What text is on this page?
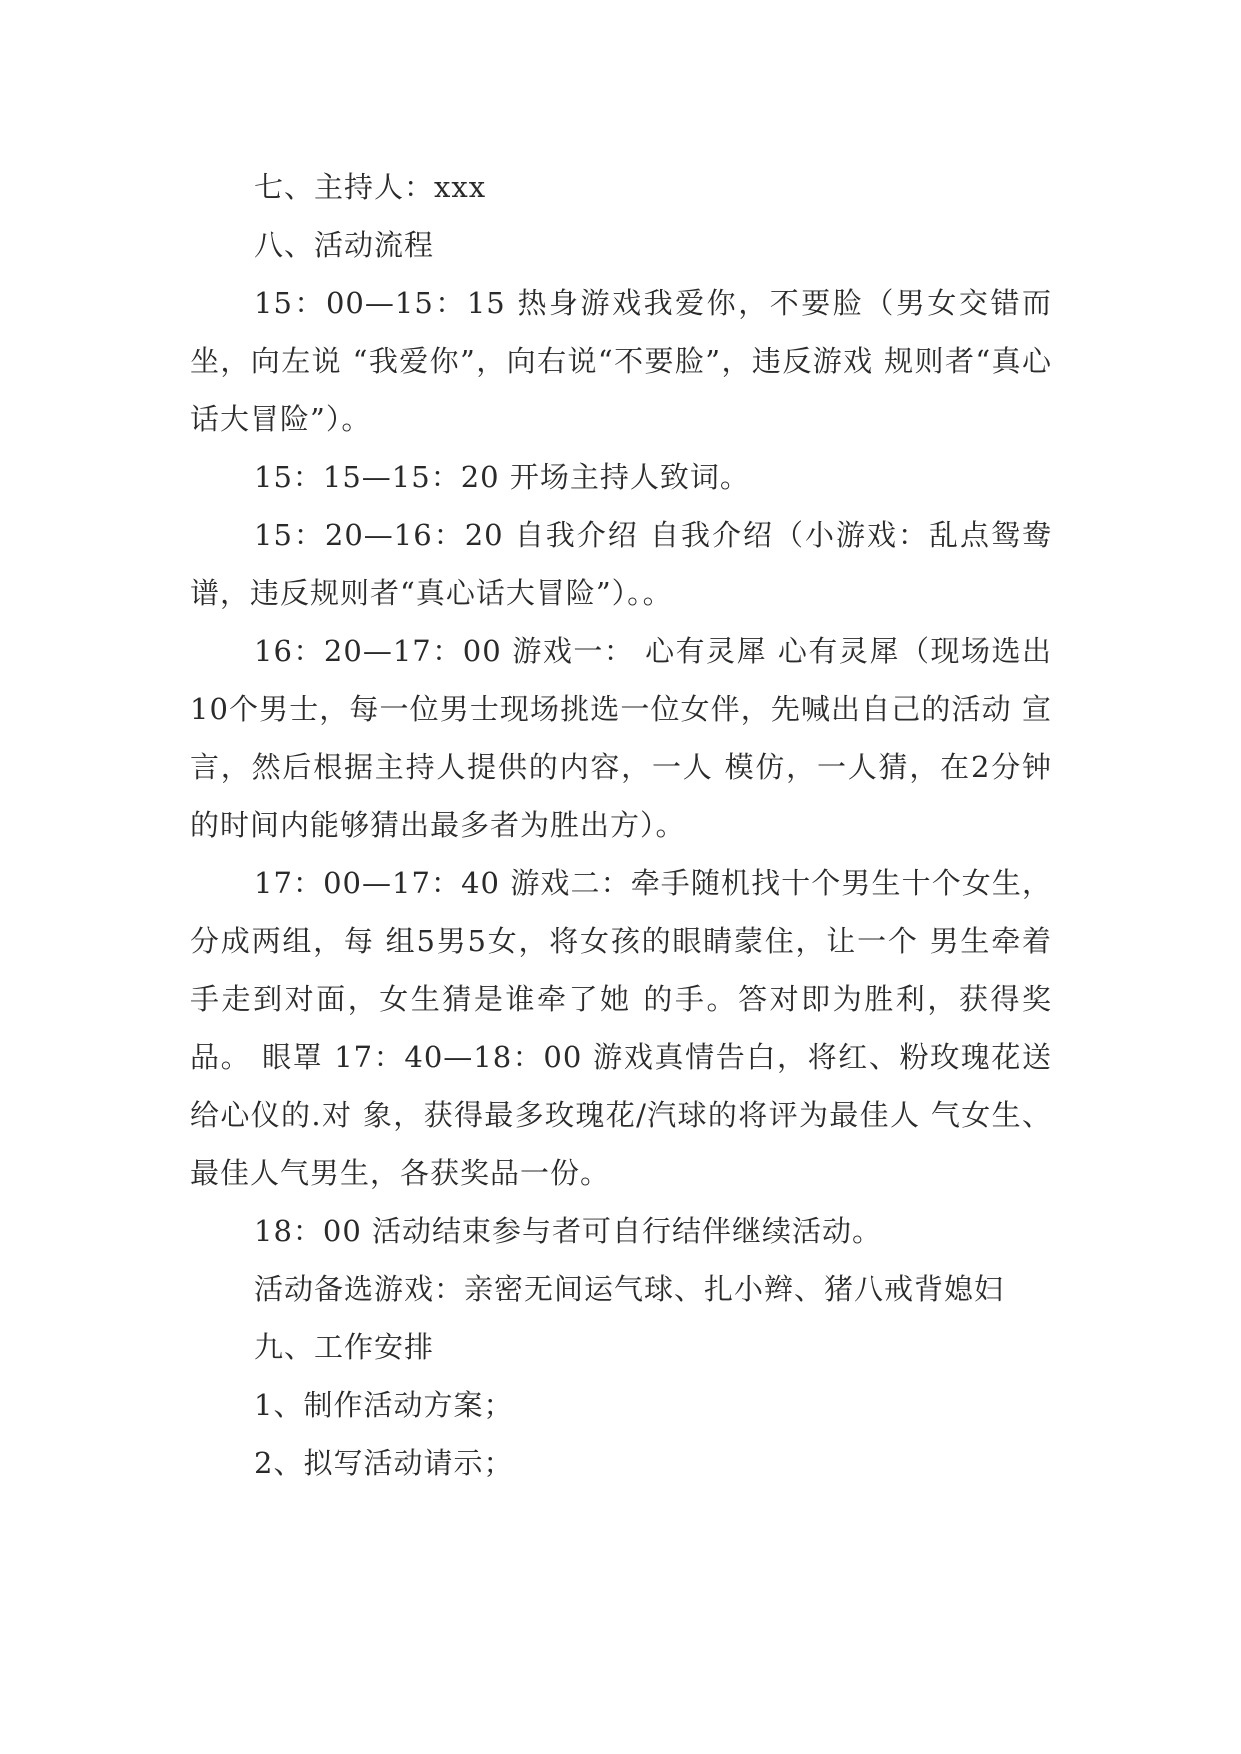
七、主持人：xxx

八、活动流程

15：00—15：15 热身游戏我爱你，不要脸（男女交错而坐，向左说 “我爱你”，向右说“不要脸”，违反游戏 规则者“真心话大冒险”）。

15：15—15：20 开场主持人致词。

15：20—16：20 自我介绍 自我介绍（小游戏：乱点鸳鸯谱，违反规则者“真心话大冒险”）。。

16：20—17：00 游戏一： 心有灵犀 心有灵犀（现场选出10个男士，每一位男士现场挑选一位女伴，先喊出自己的活动 宣言，然后根据主持人提供的内容，一人 模仿，一人猜，在2分钟的时间内能够猜出最多者为胜出方）。

17：00—17：40 游戏二：牵手随机找十个男生十个女生，分成两组，每 组5男5女，将女孩的眼睛蒙住，让一个 男生牵着手走到对面，女生猜是谁牵了她 的手。答对即为胜利，获得奖品。 眼罩 17：40—18：00 游戏真情告白，将红、粉玫瑰花送给心仪的.对 象，获得最多玫瑰花/汽球的将评为最佳人 气女生、最佳人气男生，各获奖品一份。

18：00 活动结束参与者可自行结伴继续活动。

活动备选游戏：亲密无间运气球、扎小辫、猪八戒背媳妇

九、工作安排

1、制作活动方案；

2、拟写活动请示；
